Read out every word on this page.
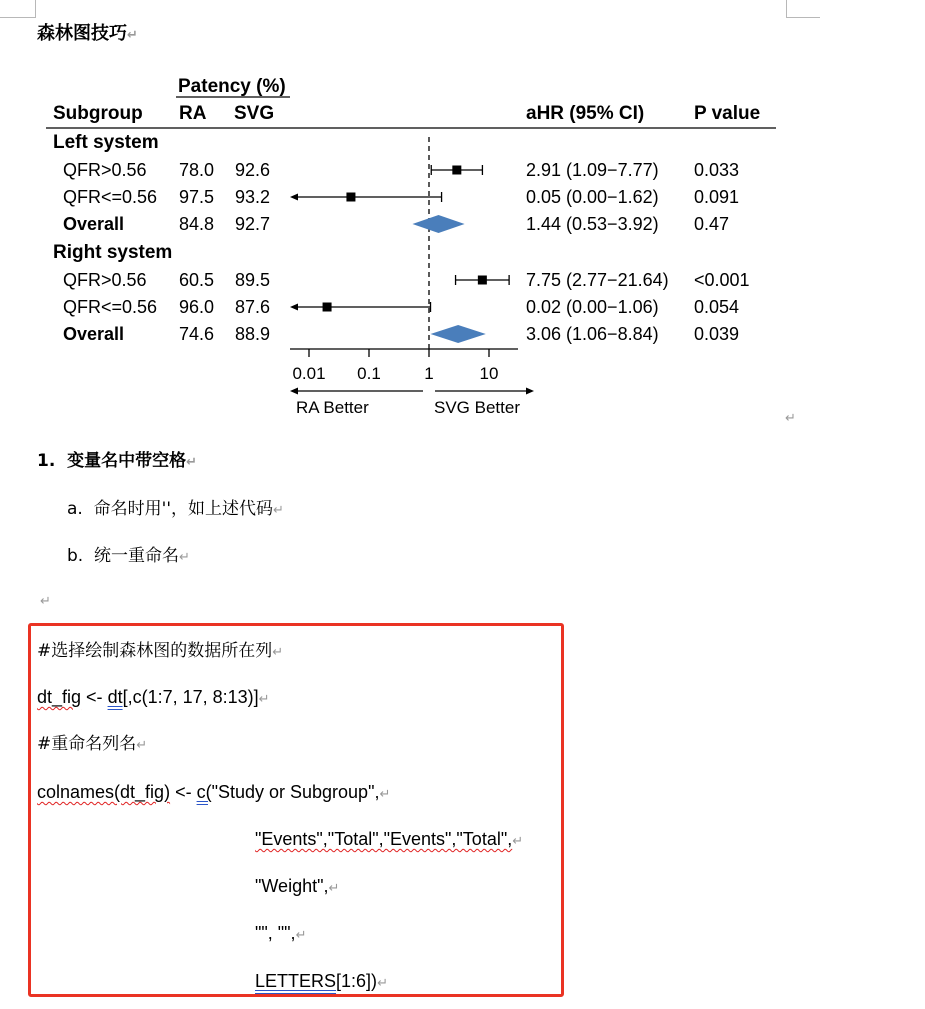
森林图技巧↵
Patency (%)
Subgroup RA SVG	aHR (95% CI)	P value
Left system
QFR>0.56 78.0 92.6	2.91 (1.09−7.77) 0.033
QFR<=0.56 97.5 93.2	0.05 (0.00−1.62) 0.091
Overall	84.8 92.7	1.44 (0.53−3.92) 0.47
Right system
QFR>0.56 60.5 89.5	7.75 (2.77−21.64) <0.001
QFR<=0.56 96.0 87.6	0.02 (0.00−1.06) 0.054
Overall	74.6 88.9	3.06 (1.06−8.84) 0.039
0.01 0.1	1	10
RA Better	SVG Better
↵
1. 变量名中带空格↵
a. 命名时用''，如上述代码↵
b. 统一重命名↵
↵
#选择绘制森林图的数据所在列↵
dt_fig <- dt[,c(1:7, 17, 8:13)]↵
#重命名列名↵
colnames(dt_fig) <- c("Study or Subgroup",↵
"Events","Total","Events","Total",↵
"Weight",↵
"", "",↵
LETTERS[1:6])↵
